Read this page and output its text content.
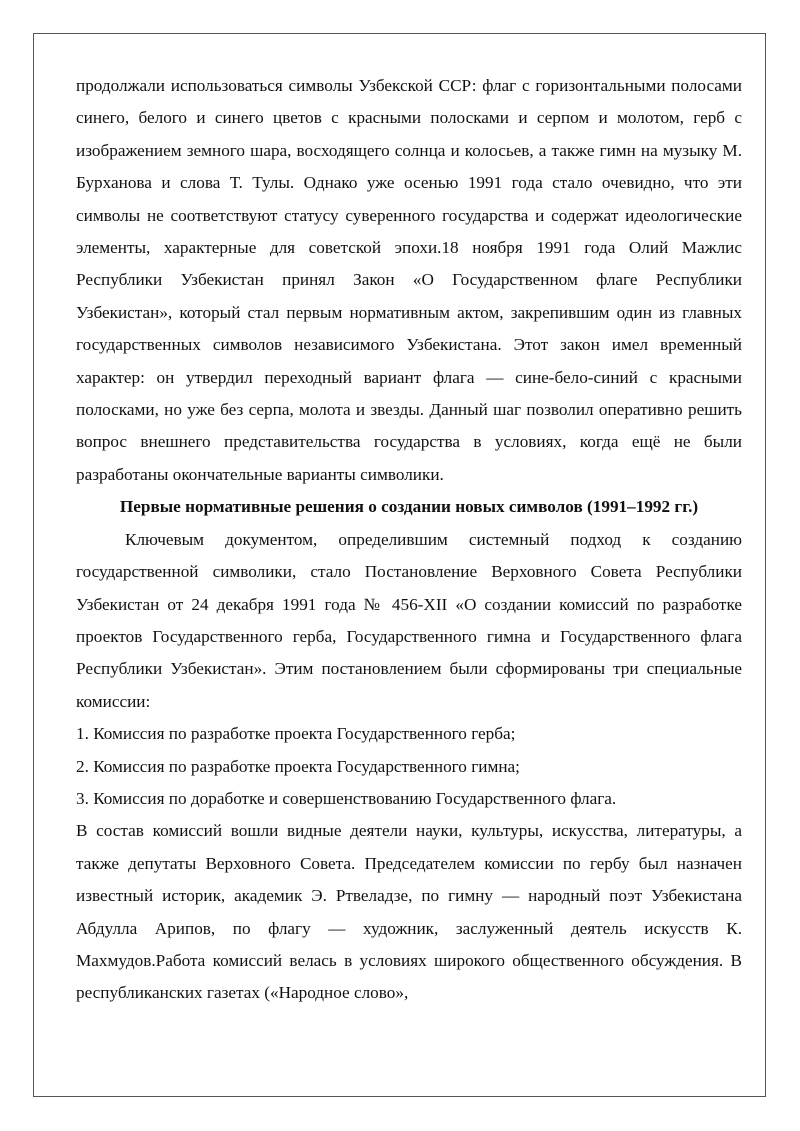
продолжали использоваться символы Узбекской ССР: флаг с горизонтальными полосами синего, белого и синего цветов с красными полосками и серпом и молотом, герб с изображением земного шара, восходящего солнца и колосьев, а также гимн на музыку М. Бурханова и слова Т. Тулы. Однако уже осенью 1991 года стало очевидно, что эти символы не соответствуют статусу суверенного государства и содержат идеологические элементы, характерные для советской эпохи.18 ноября 1991 года Олий Мажлис Республики Узбекистан принял Закон «О Государственном флаге Республики Узбекистан», который стал первым нормативным актом, закрепившим один из главных государственных символов независимого Узбекистана. Этот закон имел временный характер: он утвердил переходный вариант флага — сине-бело-синий с красными полосками, но уже без серпа, молота и звезды. Данный шаг позволил оперативно решить вопрос внешнего представительства государства в условиях, когда ещё не были разработаны окончательные варианты символики.

Первые нормативные решения о создании новых символов (1991–1992 гг.)

Ключевым документом, определившим системный подход к созданию государственной символики, стало Постановление Верховного Совета Республики Узбекистан от 24 декабря 1991 года № 456-XII «О создании комиссий по разработке проектов Государственного герба, Государственного гимна и Государственного флага Республики Узбекистан». Этим постановлением были сформированы три специальные комиссии:

1. Комиссия по разработке проекта Государственного герба;

2. Комиссия по разработке проекта Государственного гимна;

3. Комиссия по доработке и совершенствованию Государственного флага.

В состав комиссий вошли видные деятели науки, культуры, искусства, литературы, а также депутаты Верховного Совета. Председателем комиссии по гербу был назначен известный историк, академик Э. Ртвеладзе, по гимну — народный поэт Узбекистана Абдулла Арипов, по флагу — художник, заслуженный деятель искусств К. Махмудов.Работа комиссий велась в условиях широкого общественного обсуждения. В республиканских газетах («Народное слово»,
